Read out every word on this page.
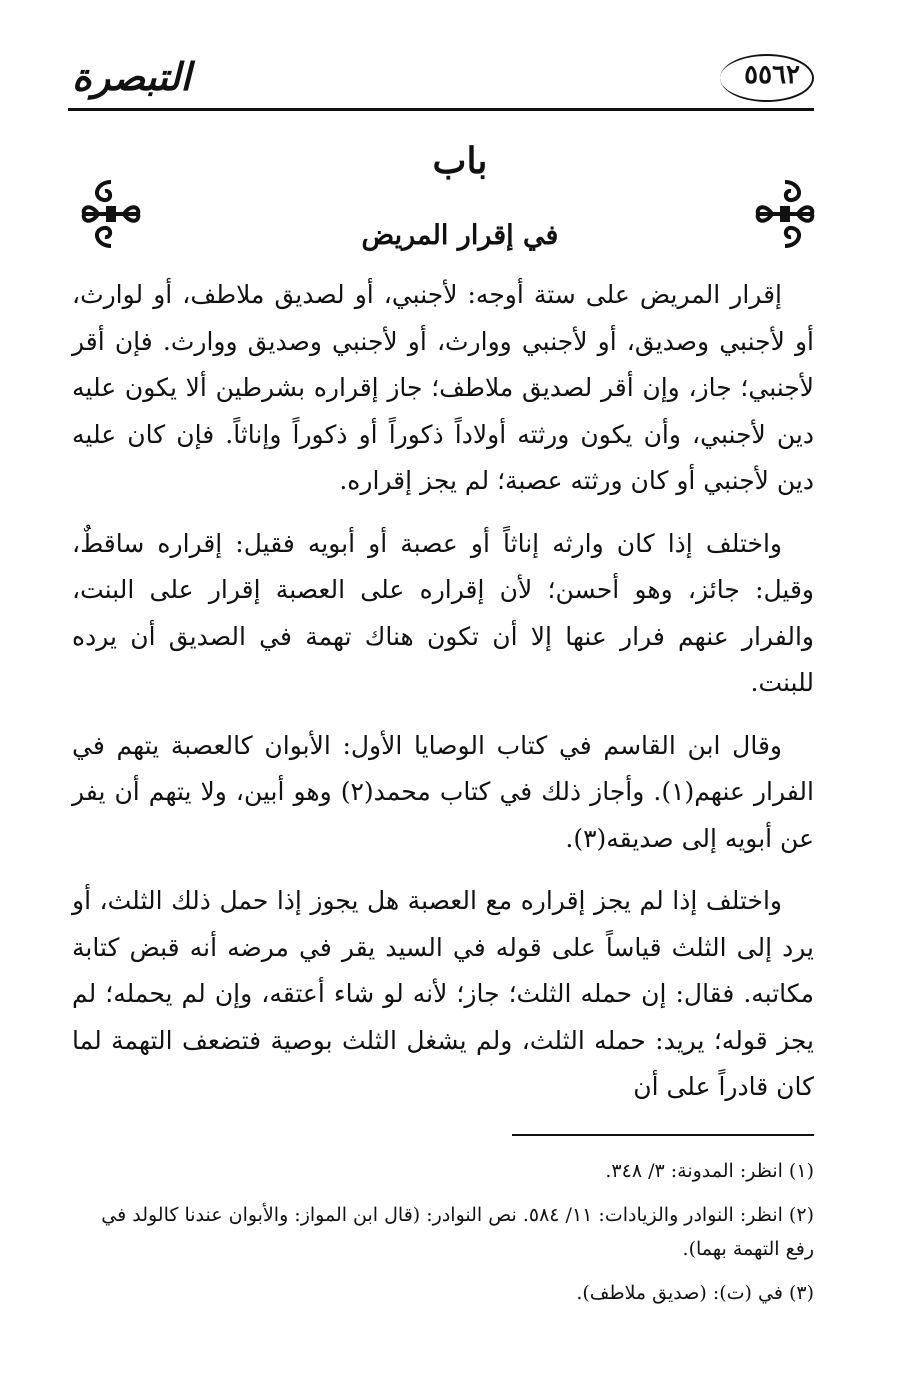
٥٥٦٢
التبصرة
باب
في إقرار المريض

إقرار المريض على ستة أوجه: لأجنبي، أو لصديق ملاطف، أو لوارث، أو لأجنبي وصديق، أو لأجنبي ووارث، أو لأجنبي وصديق ووارث. فإن أقر لأجنبي؛ جاز، وإن أقر لصديق ملاطف؛ جاز إقراره بشرطين ألا يكون عليه دين لأجنبي، وأن يكون ورثته أولاداً ذكوراً أو ذكوراً وإناثاً. فإن كان عليه دين لأجنبي أو كان ورثته عصبة؛ لم يجز إقراره.

واختلف إذا كان وارثه إناثاً أو عصبة أو أبويه فقيل: إقراره ساقطٌ، وقيل: جائز، وهو أحسن؛ لأن إقراره على العصبة إقرار على البنت، والفرار عنهم فرار عنها إلا أن تكون هناك تهمة في الصديق أن يرده للبنت.

وقال ابن القاسم في كتاب الوصايا الأول: الأبوان كالعصبة يتهم في الفرار عنهم(١). وأجاز ذلك في كتاب محمد(٢) وهو أبين، ولا يتهم أن يفر عن أبويه إلى صديقه(٣).

واختلف إذا لم يجز إقراره مع العصبة هل يجوز إذا حمل ذلك الثلث، أو يرد إلى الثلث قياساً على قوله في السيد يقر في مرضه أنه قبض كتابة مكاتبه. فقال: إن حمله الثلث؛ جاز؛ لأنه لو شاء أعتقه، وإن لم يحمله؛ لم يجز قوله؛ يريد: حمله الثلث، ولم يشغل الثلث بوصية فتضعف التهمة لما كان قادراً على أن

(١) انظر: المدونة: ٣/ ٣٤٨.

(٢) انظر: النوادر والزيادات: ١١/ ٥٨٤. نص النوادر: (قال ابن المواز: والأبوان عندنا كالولد في رفع التهمة بهما).

(٣) في (ت): (صديق ملاطف).
